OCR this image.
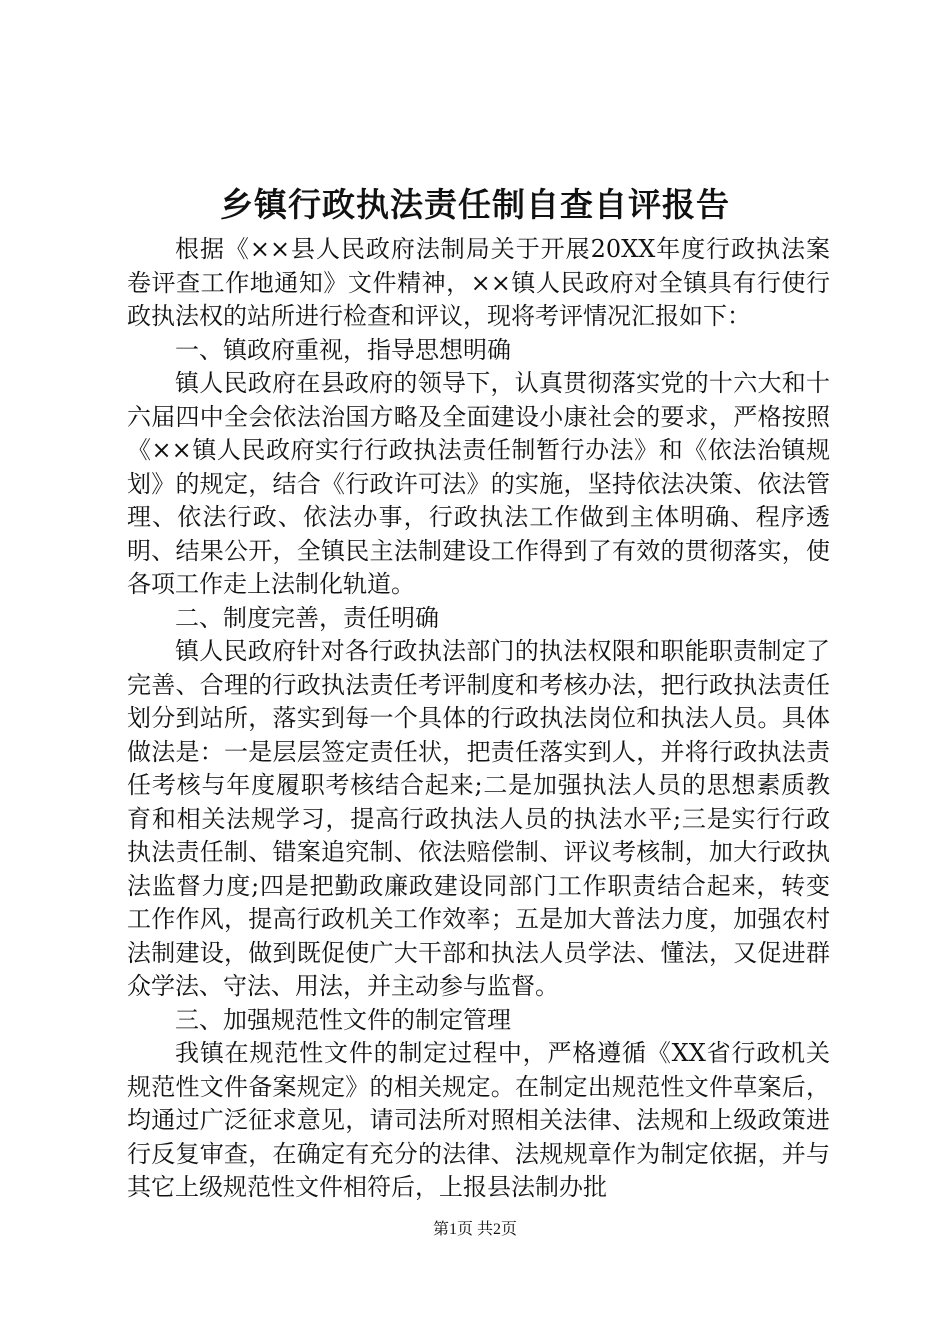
乡镇行政执法责任制自查自评报告

根据《××县人民政府法制局关于开展20XX年度行政执法案卷评查工作地通知》文件精神，××镇人民政府对全镇具有行使行政执法权的站所进行检查和评议，现将考评情况汇报如下：

一、镇政府重视，指导思想明确

镇人民政府在县政府的领导下，认真贯彻落实党的十六大和十六届四中全会依法治国方略及全面建设小康社会的要求，严格按照《××镇人民政府实行行政执法责任制暂行办法》和《依法治镇规划》的规定，结合《行政许可法》的实施，坚持依法决策、依法管理、依法行政、依法办事，行政执法工作做到主体明确、程序透明、结果公开，全镇民主法制建设工作得到了有效的贯彻落实，使各项工作走上法制化轨道。

二、制度完善，责任明确

镇人民政府针对各行政执法部门的执法权限和职能职责制定了完善、合理的行政执法责任考评制度和考核办法，把行政执法责任划分到站所，落实到每一个具体的行政执法岗位和执法人员。具体做法是：一是层层签定责任状，把责任落实到人，并将行政执法责任考核与年度履职考核结合起来;二是加强执法人员的思想素质教育和相关法规学习，提高行政执法人员的执法水平;三是实行行政执法责任制、错案追究制、依法赔偿制、评议考核制，加大行政执法监督力度;四是把勤政廉政建设同部门工作职责结合起来，转变工作作风，提高行政机关工作效率；五是加大普法力度，加强农村法制建设，做到既促使广大干部和执法人员学法、懂法，又促进群众学法、守法、用法，并主动参与监督。

三、加强规范性文件的制定管理

我镇在规范性文件的制定过程中，严格遵循《XX省行政机关规范性文件备案规定》的相关规定。在制定出规范性文件草案后，均通过广泛征求意见，请司法所对照相关法律、法规和上级政策进行反复审查，在确定有充分的法律、法规规章作为制定依据，并与其它上级规范性文件相符后，上报县法制办批

第1页 共2页
